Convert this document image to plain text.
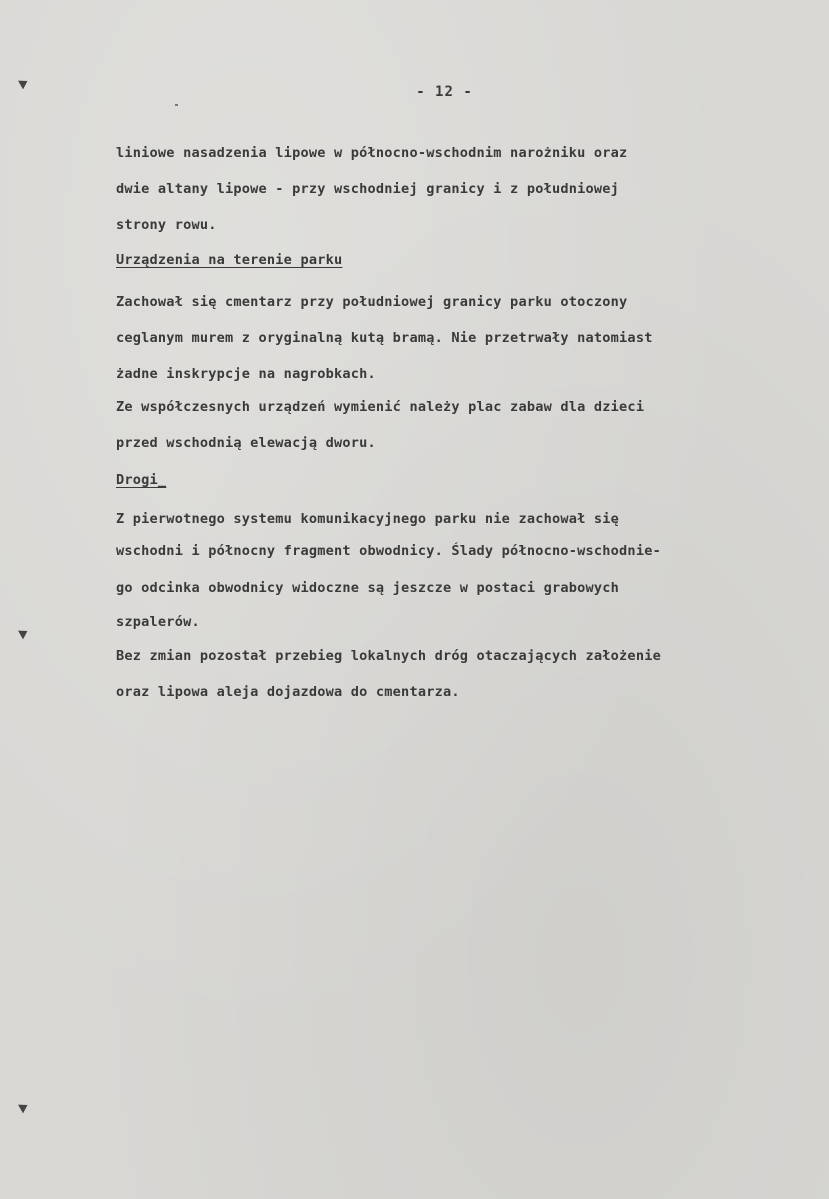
- 12 -
liniowe nasadzenia lipowe w północno-wschodnim narożniku oraz
dwie altany lipowe - przy wschodniej granicy i z południowej
strony rowu.
Urządzenia na terenie parku
Zachował się cmentarz przy południowej granicy parku otoczony
ceglanym murem z oryginalną kutą bramą. Nie przetrwały natomiast
żadne inskrypcje na nagrobkach.
Ze współczesnych urządzeń wymienić należy plac zabaw dla dzieci
przed wschodnią elewacją dworu.
Drogi_
Z pierwotnego systemu komunikacyjnego parku nie zachował się
wschodni i północny fragment obwodnicy. Ślady północno-wschodnie-
go odcinka obwodnicy widoczne są jeszcze w postaci grabowych
szpalerów.
Bez zmian pozostał przebieg lokalnych dróg otaczających założenie
oraz lipowa aleja dojazdowa do cmentarza.
